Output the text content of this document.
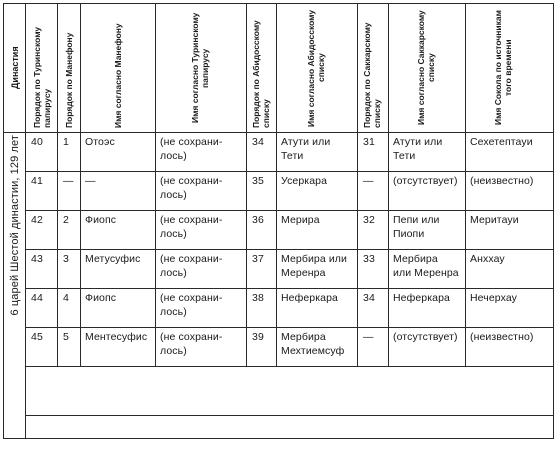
Династия	Порядок по Туринскому папирусу	Порядок по Манефону	Имя согласно Манефону	Имя согласно Туринскому папирусу	Порядок по Абидосскому списку	Имя согласно Абидосскому списку	Порядок по Саккарскому списку	Имя согласно Саккарскому списку	Имя Сокола по источникам того времени

6 царей Шестой династии, 129 лет	40	1	Отоэс	(не сохрани-
лось)	34	Атути или
Тети	31	Атути или
Тети	Сехетептауи
	41	—	—	(не сохрани-
лось)	35	Усеркара	—	(отсутствует)	(неизвестно)
	42	2	Фиопс	(не сохрани-
лось)	36	Мерира	32	Пепи или
Пиопи	Меритауи
	43	3	Метусуфис	(не сохрани-
лось)	37	Мербира или
Меренра	33	Мербира
или Меренра	Анххау
	44	4	Фиопс	(не сохрани-
лось)	38	Неферкара	34	Неферкара	Нечерхау
	45	5	Ментесуфис	(не сохрани-
лось)	39	Мербира
Мехтиемсуф	—	(отсутствует)	(неизвестно)
